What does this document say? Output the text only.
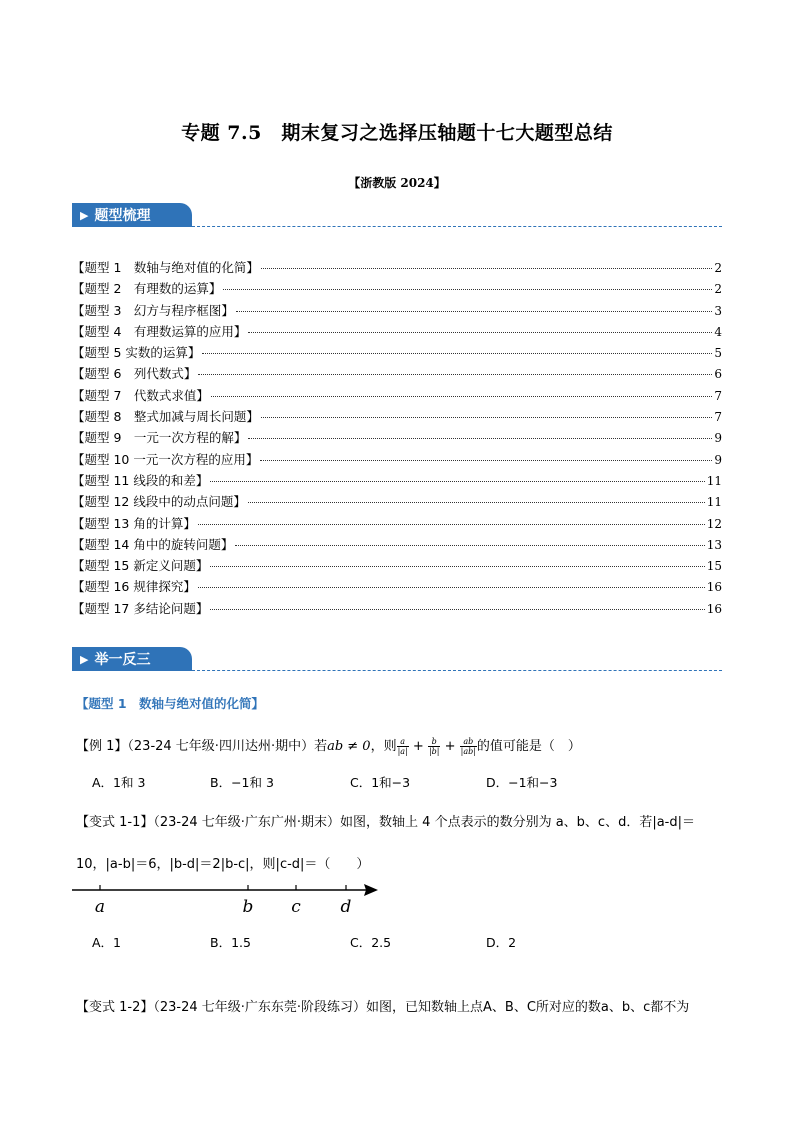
专题 7.5　期末复习之选择压轴题十七大题型总结
【浙教版 2024】
▶ 题型梳理
【题型 1　数轴与绝对值的化简】	2
【题型 2　有理数的运算】	2
【题型 3　幻方与程序框图】	3
【题型 4　有理数运算的应用】	4
【题型 5 实数的运算】	5
【题型 6　列代数式】	6
【题型 7　代数式求值】	7
【题型 8　整式加减与周长问题】	7
【题型 9　一元一次方程的解】	9
【题型 10 一元一次方程的应用】	9
【题型 11 线段的和差】	11
【题型 12 线段中的动点问题】	11
【题型 13 角的计算】	12
【题型 14 角中的旋转问题】	13
【题型 15 新定义问题】	15
【题型 16 规律探究】	16
【题型 17 多结论问题】	16
▶ 举一反三
【题型 1　数轴与绝对值的化简】
【例 1】（23-24 七年级·四川达州·期中）若ab ≠ 0，则 $\frac{a}{|a|} + \frac{b}{|b|} + \frac{ab}{|ab|}$ 的值可能是（　）
A．1和 3	B．−1和 3	C．1和−3	D．−1和−3
【变式 1-1】（23-24 七年级·广东广州·期末）如图，数轴上 4 个点表示的数分别为 a、b、c、d．若|a-d|＝
10，|a-b|＝6，|b-d|＝2|b-c|，则|c-d|＝（　　）
a	b c d
A．1	B．1.5	C．2.5	D．2
【变式 1-2】（23-24 七年级·广东东莞·阶段练习）如图，已知数轴上点A、B、C所对应的数a、b、c都不为
